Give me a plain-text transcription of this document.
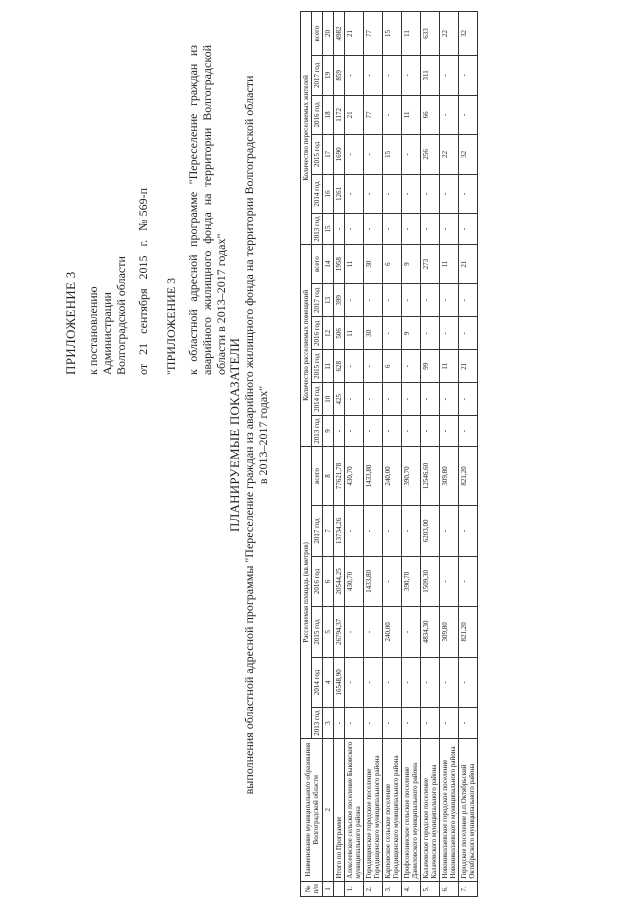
ПРИЛОЖЕНИЕ 3 к постановлению Администрации Волгоградской области от 21 сентября 2015 г. № 569-п
"ПРИЛОЖЕНИЕ 3 к областной адресной программе "Переселение граждан из аварийного жилищного фонда на территории Волгоградской области в 2013–2017 годах"
ПЛАНИРУЕМЫЕ ПОКАЗАТЕЛИ выполнения областной адресной программы "Переселение граждан из аварийного жилищного фонда на территории Волгоградской области в 2013–2017 годах"
№ п/п	Наименование муниципального образования Волгоградской области	Расселяемая площадь (кв.метров)						Количество расселяемых помещений						Количество переселяемых жителей					
		2013 год	2014 год	2015 год	2016 год	2017 год	всего	2013 год	2014 год	2015 год	2016 год	2017 год	всего	2013 год	2014 год	2015 год	2016 год	2017 год	всего
1	2	3	4	5	6	7	8	9	10	11	12	13	14	15	16	17	18	19	20
	Итого по Программе	-	16548,90	26794,37	20544,25	13734,26	77621,78	-	425	628	506	399	1958	-	1261	1690	1172	859	4982
1.	Алексеевское сельское поселение Быковского муниципального района	-	-	-	430,70	-	430,70	-	-	-	11	-	11	-	-	-	21	-	21
2.	Городищенское городское поселение Городищенского муниципального района	-	-	-	1433,80	-	1433,80	-	-	-	30	-	30	-	-	-	77	-	77
3.	Карповское сельское поселение Городищенского муниципального района	-	-	240,00	-	-	240,00	-	-	6	-	-	6	-	-	15	-	-	15
4.	Профсоюзинское сельское поселение Даниловского муниципального района	-	-	-	390,70	-	390,70	-	-	-	9	-	9	-	-	-	11	-	11
5.	Калачевское городское поселение Калачевского муниципального района	-	-	4834,30	1509,30	6203,00	12546,60	-	-	99	-	-	273	-	-	256	66	311	633
6.	Новониколаевское городское поселение Новониколаевского муниципального района	-	-	309,80	-	-	309,80	-	-	11	-	-	11	-	-	22	-	-	22
7.	Городское поселение р.п.Октябрьский Октябрьского муниципального района	-	-	821,20	-	-	821,20	-	-	21	-	-	21	-	-	32	-	-	32
